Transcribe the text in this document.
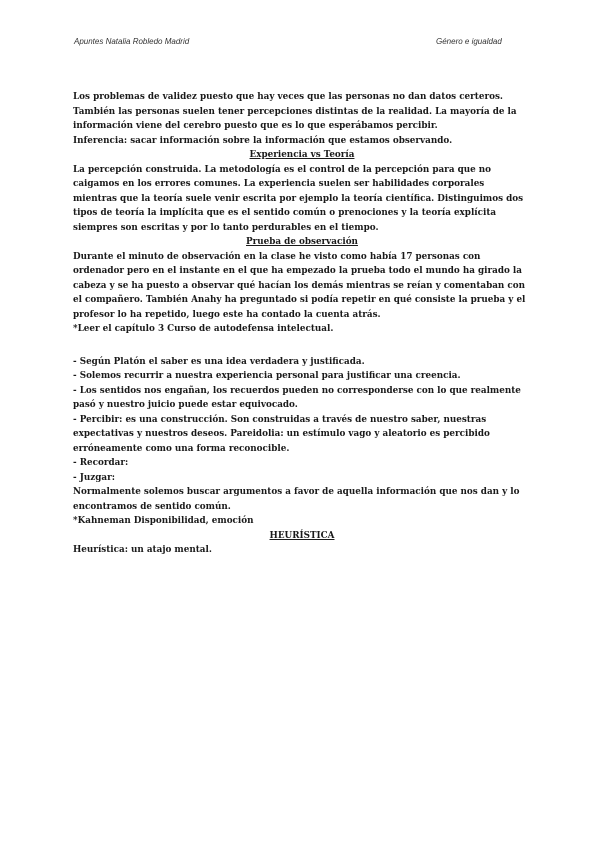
Apuntes Natalia Robledo Madrid	Género e igualdad

Los problemas de validez puesto que hay veces que las personas no dan datos certeros. También las personas suelen tener percepciones distintas de la realidad. La mayoría de la información viene del cerebro puesto que es lo que esperábamos percibir.

Inferencia: sacar información sobre la información que estamos observando.

Experiencia vs Teoría

La percepción construida. La metodología es el control de la percepción para que no caigamos en los errores comunes. La experiencia suelen ser habilidades corporales mientras que la teoría suele venir escrita por ejemplo la teoría científica. Distinguimos dos tipos de teoría la implícita que es el sentido común o prenociones y la teoría explícita siempres son escritas y por lo tanto perdurables en el tiempo.

Prueba de observación

Durante el minuto de observación en la clase he visto como había 17 personas con ordenador pero en el instante en el que ha empezado la prueba todo el mundo ha girado la cabeza y se ha puesto a observar qué hacían los demás mientras se reían y comentaban con el compañero. También Anahy ha preguntado si podía repetir en qué consiste la prueba y el profesor lo ha repetido, luego este ha contado la cuenta atrás.

*Leer el capítulo 3 Curso de autodefensa intelectual.

- Según Platón el saber es una idea verdadera y justificada.

- Solemos recurrir a nuestra experiencia personal para justificar una creencia.

- Los sentidos nos engañan, los recuerdos pueden no corresponderse con lo que realmente pasó y nuestro juicio puede estar equivocado.

- Percibir: es una construcción. Son construidas a través de nuestro saber, nuestras expectativas y nuestros deseos. Pareidolia: un estímulo vago y aleatorio es percibido erróneamente como una forma reconocible.

- Recordar:

- Juzgar:

Normalmente solemos buscar argumentos a favor de aquella información que nos dan y lo encontramos de sentido común.

*Kahneman Disponibilidad, emoción

HEURÍSTICA

Heurística: un atajo mental.
